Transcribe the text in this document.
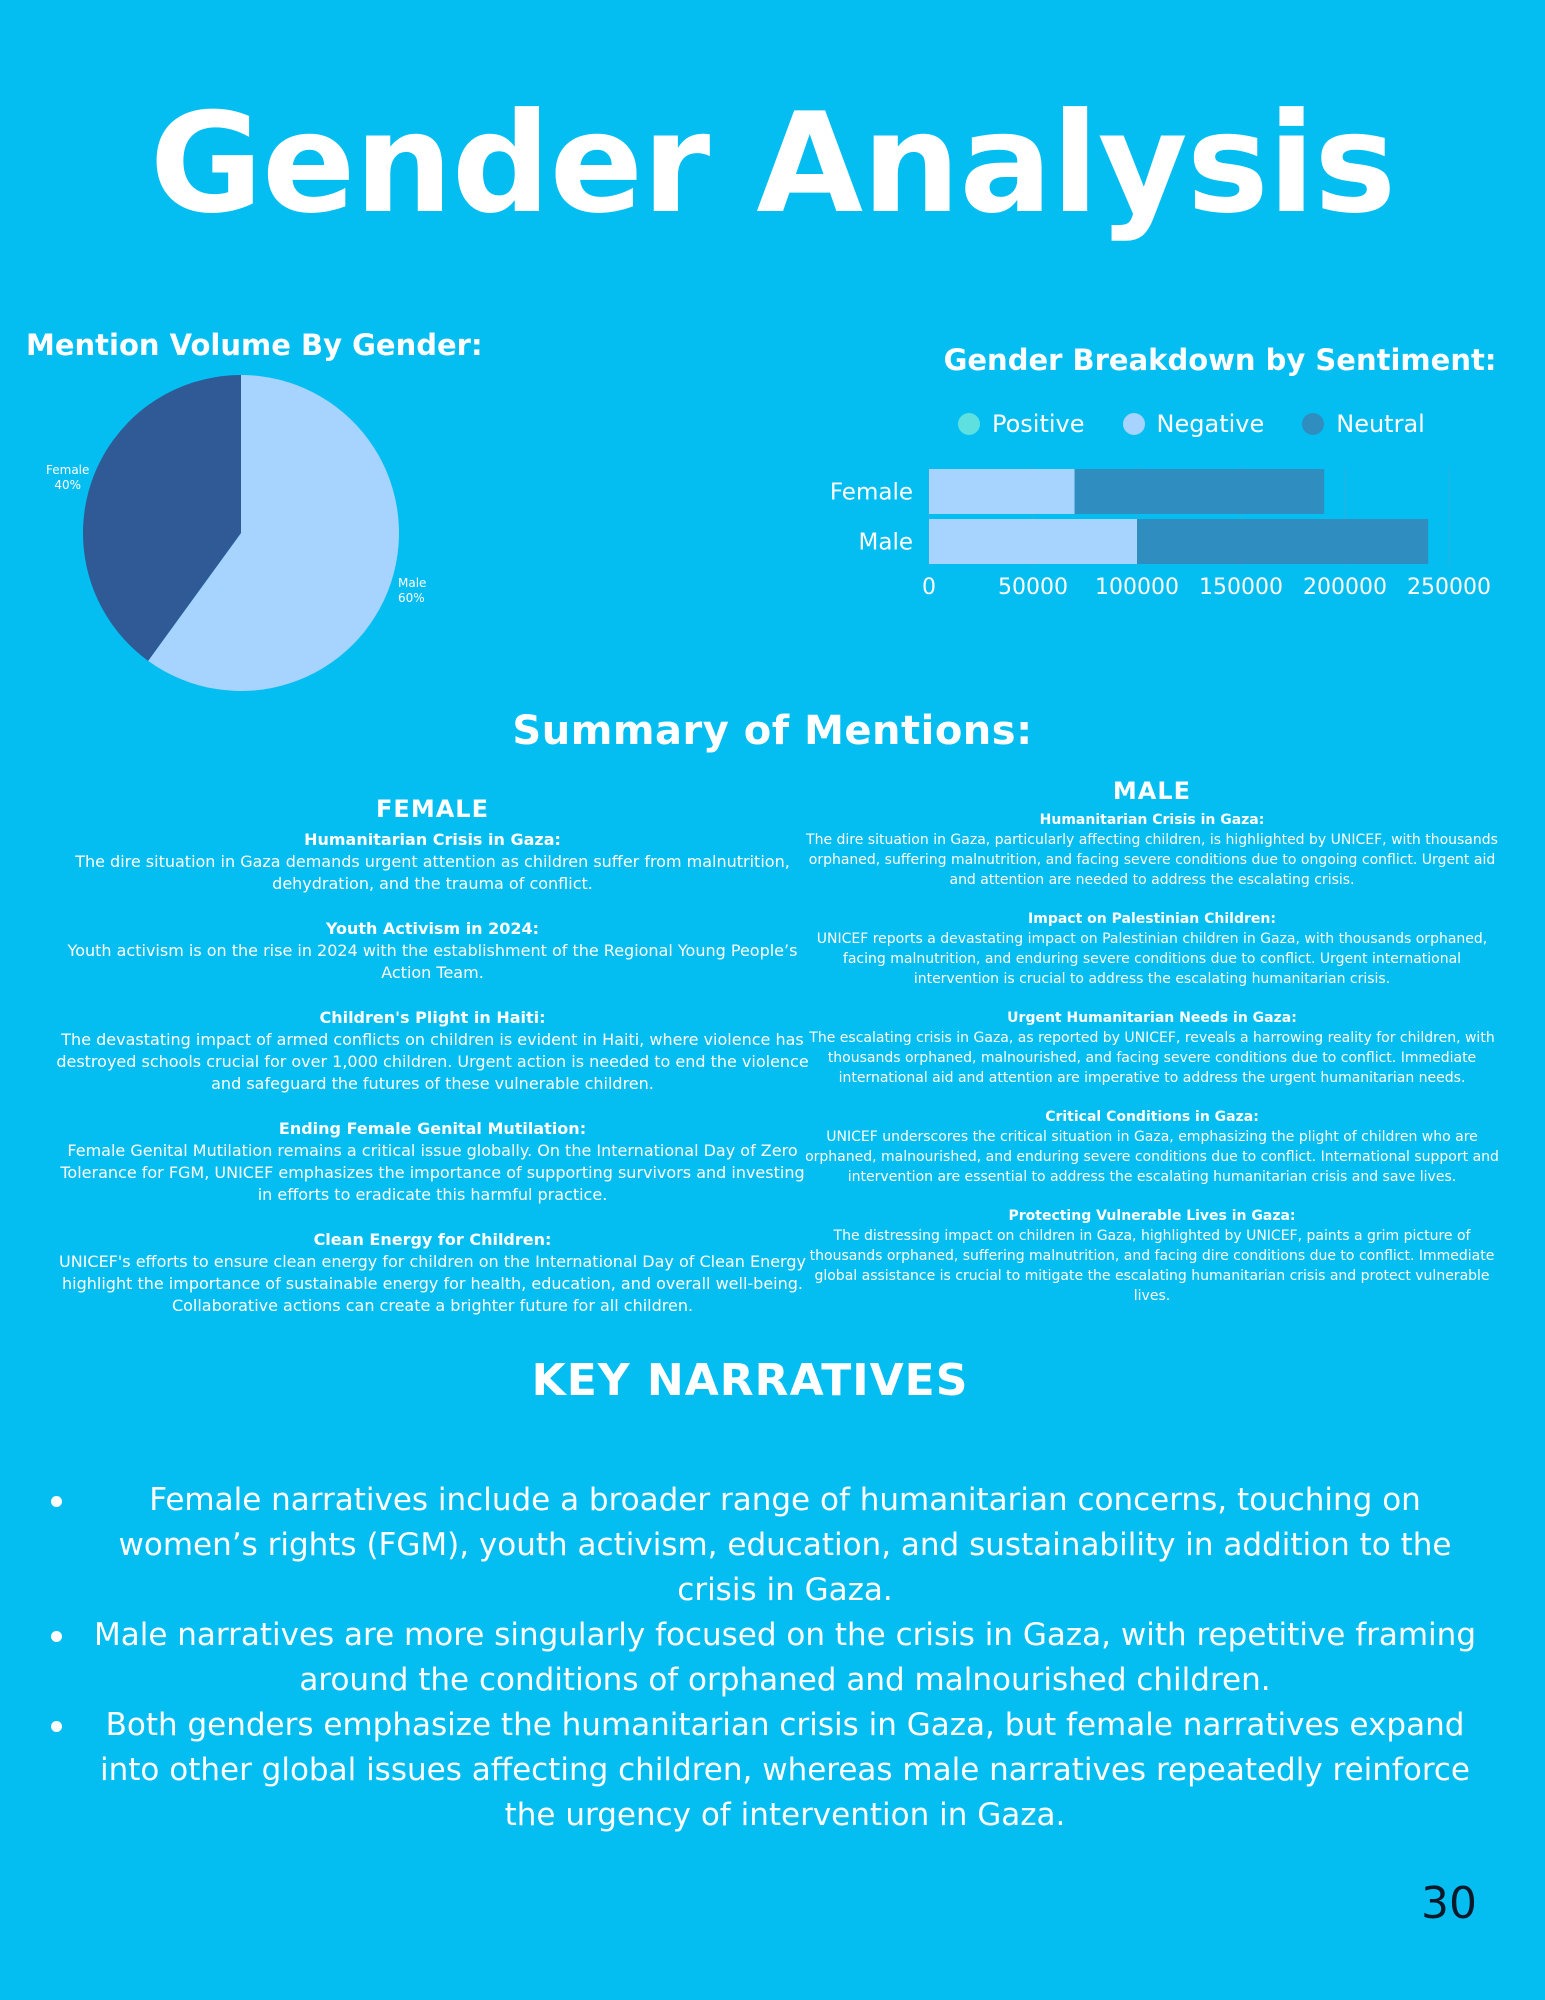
Gender Analysis
Mention Volume By Gender:
Female
40%
Male
60%
Gender Breakdown by Sentiment:
Positive	Negative	Neutral
Female
Male
0	50000 100000 150000 200000 250000
Summary of Mentions:
FEMALE
Humanitarian Crisis in Gaza:
The dire situation in Gaza demands urgent attention as children suffer from malnutrition, dehydration, and the trauma of conflict.
Youth Activism in 2024:
Youth activism is on the rise in 2024 with the establishment of the Regional Young People’s Action Team.
Children's Plight in Haiti:
The devastating impact of armed conflicts on children is evident in Haiti, where violence has destroyed schools crucial for over 1,000 children. Urgent action is needed to end the violence and safeguard the futures of these vulnerable children.
Ending Female Genital Mutilation:
Female Genital Mutilation remains a critical issue globally. On the International Day of Zero Tolerance for FGM, UNICEF emphasizes the importance of supporting survivors and investing in efforts to eradicate this harmful practice.
Clean Energy for Children:
UNICEF's efforts to ensure clean energy for children on the International Day of Clean Energy highlight the importance of sustainable energy for health, education, and overall well-being. Collaborative actions can create a brighter future for all children.
MALE
Humanitarian Crisis in Gaza:
The dire situation in Gaza, particularly affecting children, is highlighted by UNICEF, with thousands orphaned, suffering malnutrition, and facing severe conditions due to ongoing conflict. Urgent aid and attention are needed to address the escalating crisis.
Impact on Palestinian Children:
UNICEF reports a devastating impact on Palestinian children in Gaza, with thousands orphaned, facing malnutrition, and enduring severe conditions due to conflict. Urgent international intervention is crucial to address the escalating humanitarian crisis.
Urgent Humanitarian Needs in Gaza:
The escalating crisis in Gaza, as reported by UNICEF, reveals a harrowing reality for children, with thousands orphaned, malnourished, and facing severe conditions due to conflict. Immediate international aid and attention are imperative to address the urgent humanitarian needs.
Critical Conditions in Gaza:
UNICEF underscores the critical situation in Gaza, emphasizing the plight of children who are orphaned, malnourished, and enduring severe conditions due to conflict. International support and intervention are essential to address the escalating humanitarian crisis and save lives.
Protecting Vulnerable Lives in Gaza:
The distressing impact on children in Gaza, highlighted by UNICEF, paints a grim picture of thousands orphaned, suffering malnutrition, and facing dire conditions due to conflict. Immediate global assistance is crucial to mitigate the escalating humanitarian crisis and protect vulnerable lives.
KEY NARRATIVES
Female narratives include a broader range of humanitarian concerns, touching on women’s rights (FGM), youth activism, education, and sustainability in addition to the crisis in Gaza.
Male narratives are more singularly focused on the crisis in Gaza, with repetitive framing around the conditions of orphaned and malnourished children.
Both genders emphasize the humanitarian crisis in Gaza, but female narratives expand into other global issues affecting children, whereas male narratives repeatedly reinforce the urgency of intervention in Gaza.
30
